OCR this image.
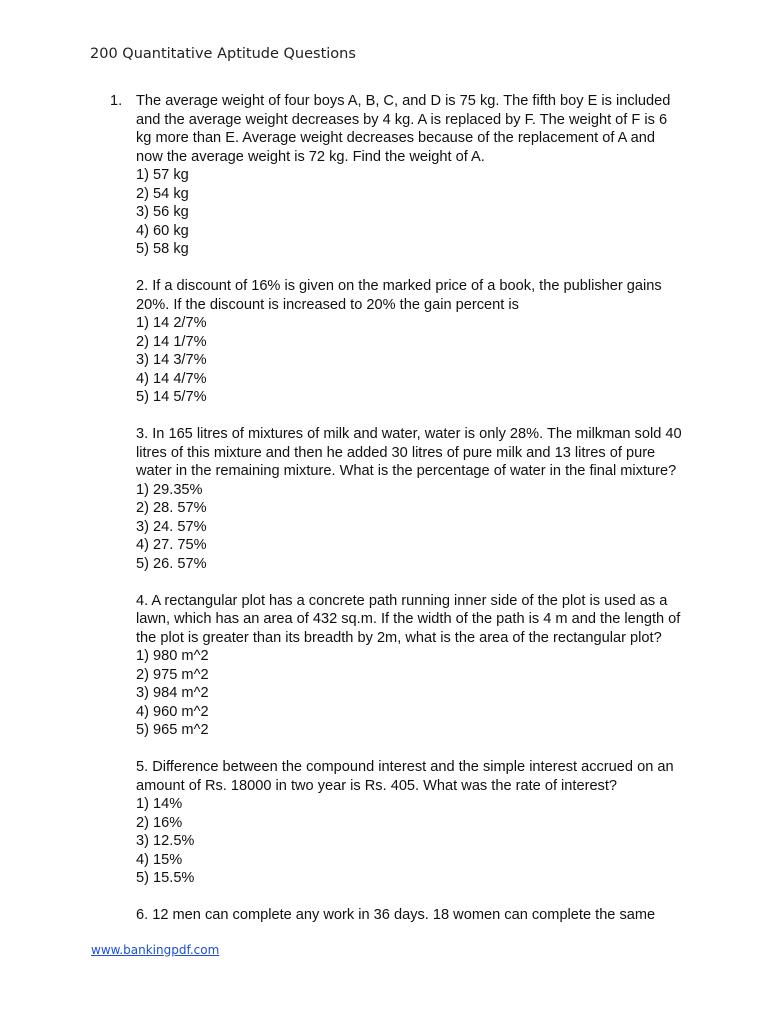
200 Quantitative Aptitude Questions
1. The average weight of four boys A, B, C, and D is 75 kg. The fifth boy E is included
and the average weight decreases by 4 kg. A is replaced by F. The weight of F is 6
kg more than E. Average weight decreases because of the replacement of A and
now the average weight is 72 kg. Find the weight of A.
1) 57 kg
2) 54 kg
3) 56 kg
4) 60 kg
5) 58 kg
2. If a discount of 16% is given on the marked price of a book, the publisher gains
20%. If the discount is increased to 20% the gain percent is
1) 14 2/7%
2) 14 1/7%
3) 14 3/7%
4) 14 4/7%
5) 14 5/7%
3. In 165 litres of mixtures of milk and water, water is only 28%. The milkman sold 40
litres of this mixture and then he added 30 litres of pure milk and 13 litres of pure
water in the remaining mixture. What is the percentage of water in the final mixture?
1) 29.35%
2) 28. 57%
3) 24. 57%
4) 27. 75%
5) 26. 57%
4. A rectangular plot has a concrete path running inner side of the plot is used as a
lawn, which has an area of 432 sq.m. If the width of the path is 4 m and the length of
the plot is greater than its breadth by 2m, what is the area of the rectangular plot?
1) 980 m^2
2) 975 m^2
3) 984 m^2
4) 960 m^2
5) 965 m^2
5. Difference between the compound interest and the simple interest accrued on an
amount of Rs. 18000 in two year is Rs. 405. What was the rate of interest?
1) 14%
2) 16%
3) 12.5%
4) 15%
5) 15.5%
6. 12 men can complete any work in 36 days. 18 women can complete the same
www.bankingpdf.com
